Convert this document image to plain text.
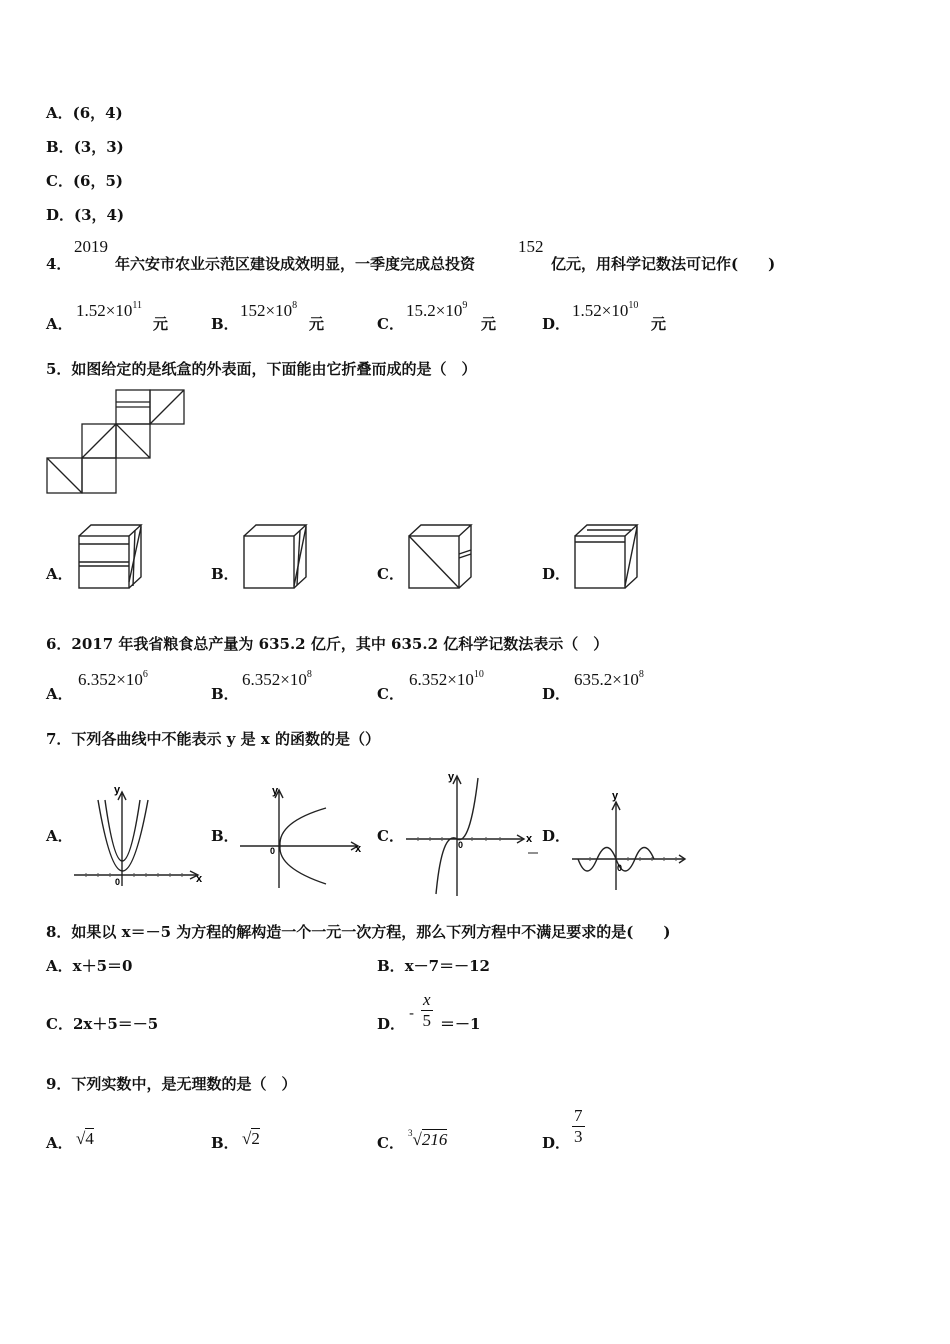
A．(6，4)
B．(3，3)
C．(6，5)
D．(3，4)
4．
2019
年六安市农业示范区建设成效明显，一季度完成总投资
152
亿元，用科学记数法可记作(　　)
A．
$1.52\times 10^{11}$
元	B．
$152\times 10^8$
元	C．
$15.2\times 10^9$
元	D．
$1.52\times 10^{10}$
元
5．如图给定的是纸盒的外表面，下面能由它折叠而成的是（　）
A．	B．	C．	D．
6．2017 年我省粮食总产量为 635.2 亿斤，其中 635.2 亿科学记数法表示（　）
A．
$6.352\times 10^6$
B．
$6.352\times 10^8$
C．
$6.352\times 10^{10}$
D．
$635.2\times 10^8$
7．下列各曲线中不能表示 y 是 x 的函数的是（）
A．
y
x
0
B．
y
x
0
C．
y
x
0	D．
y
0
8．如果以 x＝－5 为方程的解构造一个一元一次方程，那么下列方程中不满足要求的是(　　)
A．x＋5＝0	B．x－7＝－12
C．2x＋5＝－5	D．
- $\frac{x}{5} =-1$
9．下列实数中，是无理数的是（　）
A． √4	B． √2	C．
$^3$√216	D． $\frac{7}{3}$
